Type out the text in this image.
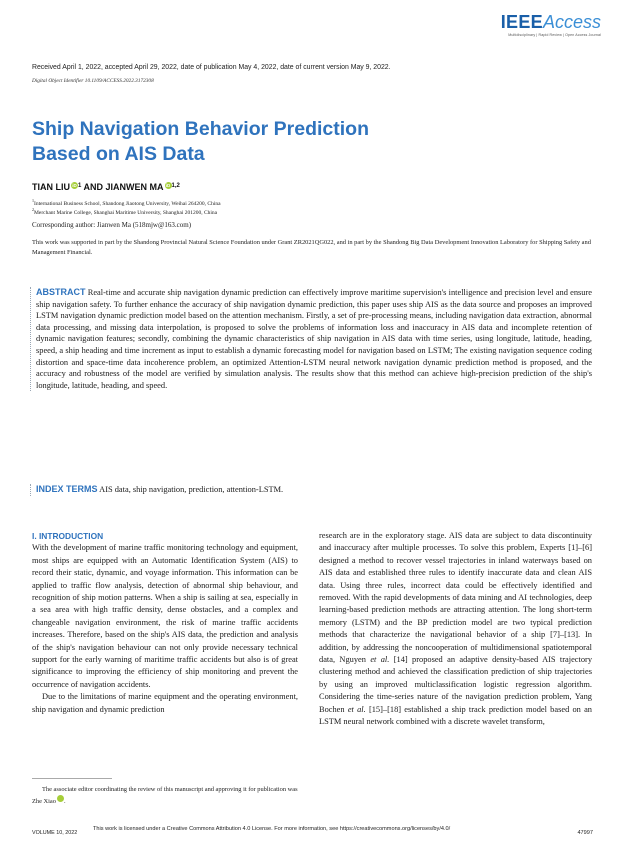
IEEEAccess
Multidisciplinary | Rapid Review | Open Access Journal
Received April 1, 2022, accepted April 29, 2022, date of publication May 4, 2022, date of current version May 9, 2022.
Digital Object Identifier 10.1109/ACCESS.2022.3172308
Ship Navigation Behavior Prediction
Based on AIS Data
TIAN LIU $iD^1$ AND JIANWEN MA iD$^{1,2}$
$^1$International Business School, Shandong Jiaotong University, Weihai 264200, China
$^2$Merchant Marine College, Shanghai Maritime University, Shanghai 201200, China
Corresponding author: Jianwen Ma (518mjw@163.com)
This work was supported in part by the Shandong Provincial Natural Science Foundation under Grant ZR2021QG022, and in part by the Shandong Big Data Development Innovation Laboratory for Shipping Safety and Management Financial.
ABSTRACT Real-time and accurate ship navigation dynamic prediction can effectively improve maritime supervision's intelligence and precision level and ensure ship navigation safety. To further enhance the accuracy of ship navigation dynamic prediction, this paper uses ship AIS as the data source and proposes an improved LSTM navigation dynamic prediction model based on the attention mechanism. Firstly, a set of pre-processing means, including navigation data extraction, abnormal data processing, and missing data interpolation, is proposed to solve the problems of information loss and inaccuracy in AIS data and incomplete retention of dynamic navigation features; secondly, combining the dynamic characteristics of ship navigation in AIS data with time series, using longitude, latitude, heading, speed, a ship heading and time increment as input to establish a dynamic forecasting model for navigation based on LSTM; The existing navigation sequence coding distortion and space-time data incoherence problem, an optimized Attention-LSTM neural network navigation dynamic prediction method is proposed, and the accuracy and robustness of the model are verified by simulation analysis. The results show that this method can achieve high-precision prediction of the ship's longitude, latitude, heading, and speed.
INDEX TERMS AIS data, ship navigation, prediction, attention-LSTM.
I. INTRODUCTION
With the development of marine traffic monitoring technology and equipment, most ships are equipped with an Automatic Identification System (AIS) to record their static, dynamic, and voyage information. This information can be applied to traffic flow analysis, detection of abnormal ship behaviour, and recognition of ship motion patterns. When a ship is sailing at sea, especially in a sea area with high traffic density, dense obstacles, and a complex and changeable navigation environment, the risk of marine traffic accidents increases. Therefore, based on the ship's AIS data, the prediction and analysis of the ship's navigation behaviour can not only provide necessary technical support for the early warning of maritime traffic accidents but also is of great significance to improving the efficiency of ship monitoring and prevent the occurrence of navigation accidents.
Due to the limitations of marine equipment and the operating environment, ship navigation and dynamic prediction
research are in the exploratory stage. AIS data are subject to data discontinuity and inaccuracy after multiple processes. To solve this problem, Experts [1]–[6] designed a method to recover vessel trajectories in inland waterways based on AIS data and established three rules to identify inaccurate data and clean AIS data. Using three rules, incorrect data could be effectively identified and removed. With the rapid developments of data mining and AI technologies, deep learning-based prediction methods are attracting attention. The long short-term memory (LSTM) and the BP prediction model are two typical prediction methods that characterize the navigational behavior of a ship [7]–[13]. In addition, by addressing the noncooperation of multidimensional spatiotemporal data, Nguyen et al. [14] proposed an adaptive density-based AIS trajectory clustering method and achieved the classification prediction of ship trajectories by using an improved multiclassification logistic regression algorithm. Considering the time-series nature of the navigation prediction problem, Yang Bochen et al. [15]–[18] established a ship track prediction model based on an LSTM neural network combined with a discrete wavelet transform,
The associate editor coordinating the review of this manuscript and approving it for publication was Zhe Xiao iD.
VOLUME 10, 2022
This work is licensed under a Creative Commons Attribution 4.0 License. For more information, see https://creativecommons.org/licenses/by/4.0/
47997
